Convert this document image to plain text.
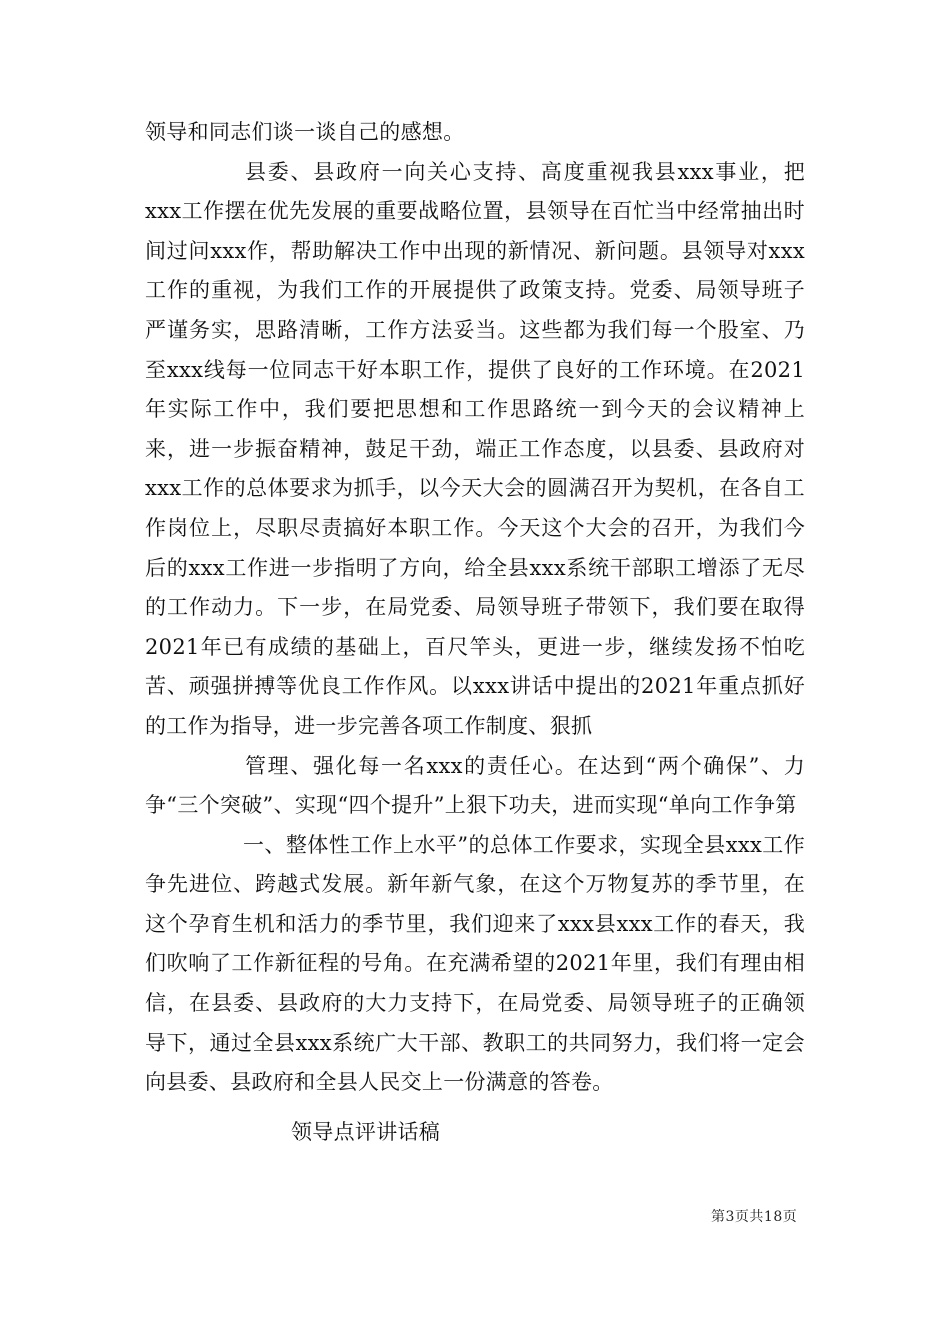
领导和同志们谈一谈自己的感想。

县委、县政府一向关心支持、高度重视我县xxx事业，把xxx工作摆在优先发展的重要战略位置，县领导在百忙当中经常抽出时间过问xxx作，帮助解决工作中出现的新情况、新问题。县领导对xxx工作的重视，为我们工作的开展提供了政策支持。党委、局领导班子严谨务实，思路清晰，工作方法妥当。这些都为我们每一个股室、乃至xxx线每一位同志干好本职工作，提供了良好的工作环境。在2021年实际工作中，我们要把思想和工作思路统一到今天的会议精神上来，进一步振奋精神，鼓足干劲，端正工作态度，以县委、县政府对xxx工作的总体要求为抓手，以今天大会的圆满召开为契机，在各自工作岗位上，尽职尽责搞好本职工作。今天这个大会的召开，为我们今后的xxx工作进一步指明了方向，给全县xxx系统干部职工增添了无尽的工作动力。下一步，在局党委、局领导班子带领下，我们要在取得2021年已有成绩的基础上，百尺竿头，更进一步，继续发扬不怕吃苦、顽强拼搏等优良工作作风。以xxx讲话中提出的2021年重点抓好的工作为指导，进一步完善各项工作制度、狠抓

管理、强化每一名xxx的责任心。在达到“两个确保”、力争“三个突破”、实现“四个提升”上狠下功夫，进而实现“单向工作争第

一、整体性工作上水平”的总体工作要求，实现全县xxx工作争先进位、跨越式发展。新年新气象，在这个万物复苏的季节里，在这个孕育生机和活力的季节里，我们迎来了xxx县xxx工作的春天，我们吹响了工作新征程的号角。在充满希望的2021年里，我们有理由相信，在县委、县政府的大力支持下，在局党委、局领导班子的正确领导下，通过全县xxx系统广大干部、教职工的共同努力，我们将一定会向县委、县政府和全县人民交上一份满意的答卷。

领导点评讲话稿

第3页共18页
